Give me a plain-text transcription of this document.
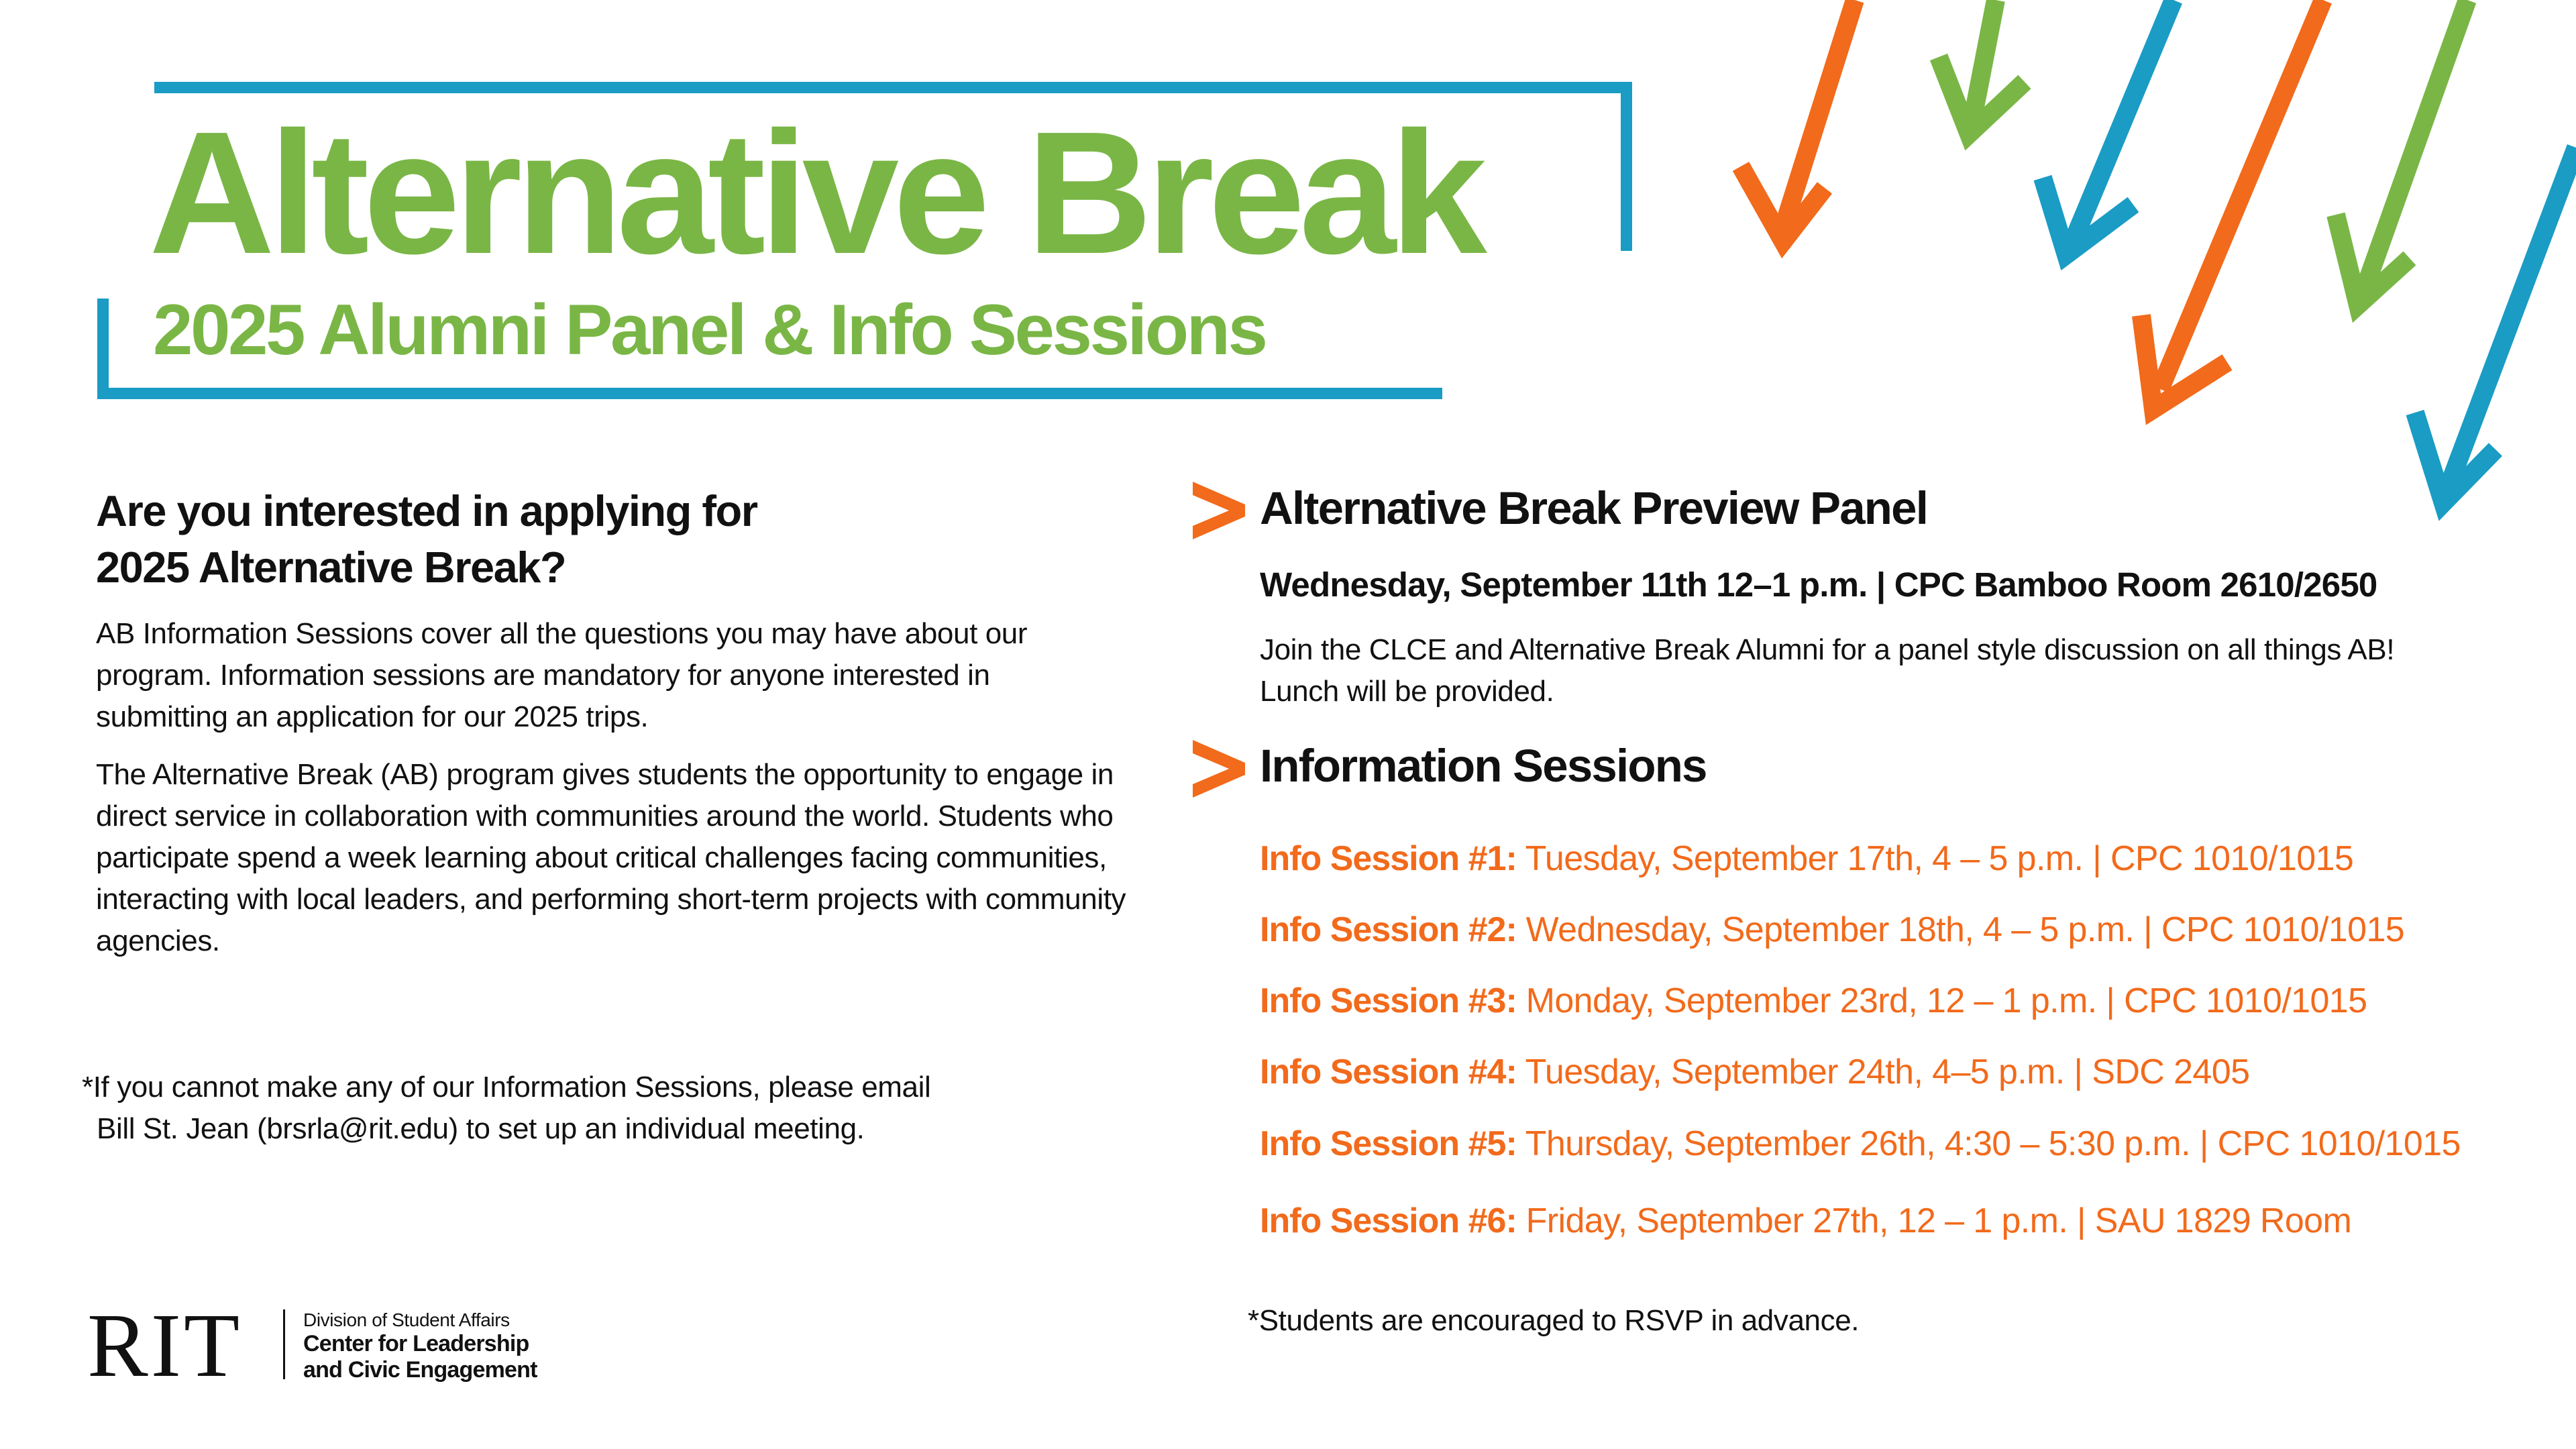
Alternative Break
2025 Alumni Panel & Info Sessions
Are you interested in applying for
2025 Alternative Break?

AB Information Sessions cover all the questions you may have about our program. Information sessions are mandatory for anyone interested in submitting an application for our 2025 trips.

The Alternative Break (AB) program gives students the opportunity to engage in direct service in collaboration with communities around the world. Students who participate spend a week learning about critical challenges facing communities, interacting with local leaders, and performing short-term projects with community agencies.

*If you cannot make any of our Information Sessions, please email
Bill St. Jean (brsrla@rit.edu) to set up an individual meeting.

RIT	Division of Student Affairs
Center for Leadership
and Civic Engagement
Alternative Break Preview Panel

Wednesday, September 11th 12–1 p.m. | CPC Bamboo Room 2610/2650

Join the CLCE and Alternative Break Alumni for a panel style discussion on all things AB!
Lunch will be provided.

Information Sessions

Info Session #1: Tuesday, September 17th, 4 – 5 p.m. | CPC 1010/1015

Info Session #2: Wednesday, September 18th, 4 – 5 p.m. | CPC 1010/1015

Info Session #3: Monday, September 23rd, 12 – 1 p.m. | CPC 1010/1015

Info Session #4: Tuesday, September 24th, 4–5 p.m. | SDC 2405

Info Session #5: Thursday, September 26th, 4:30 – 5:30 p.m. | CPC 1010/1015

Info Session #6: Friday, September 27th, 12 – 1 p.m. | SAU 1829 Room

*Students are encouraged to RSVP in advance.
